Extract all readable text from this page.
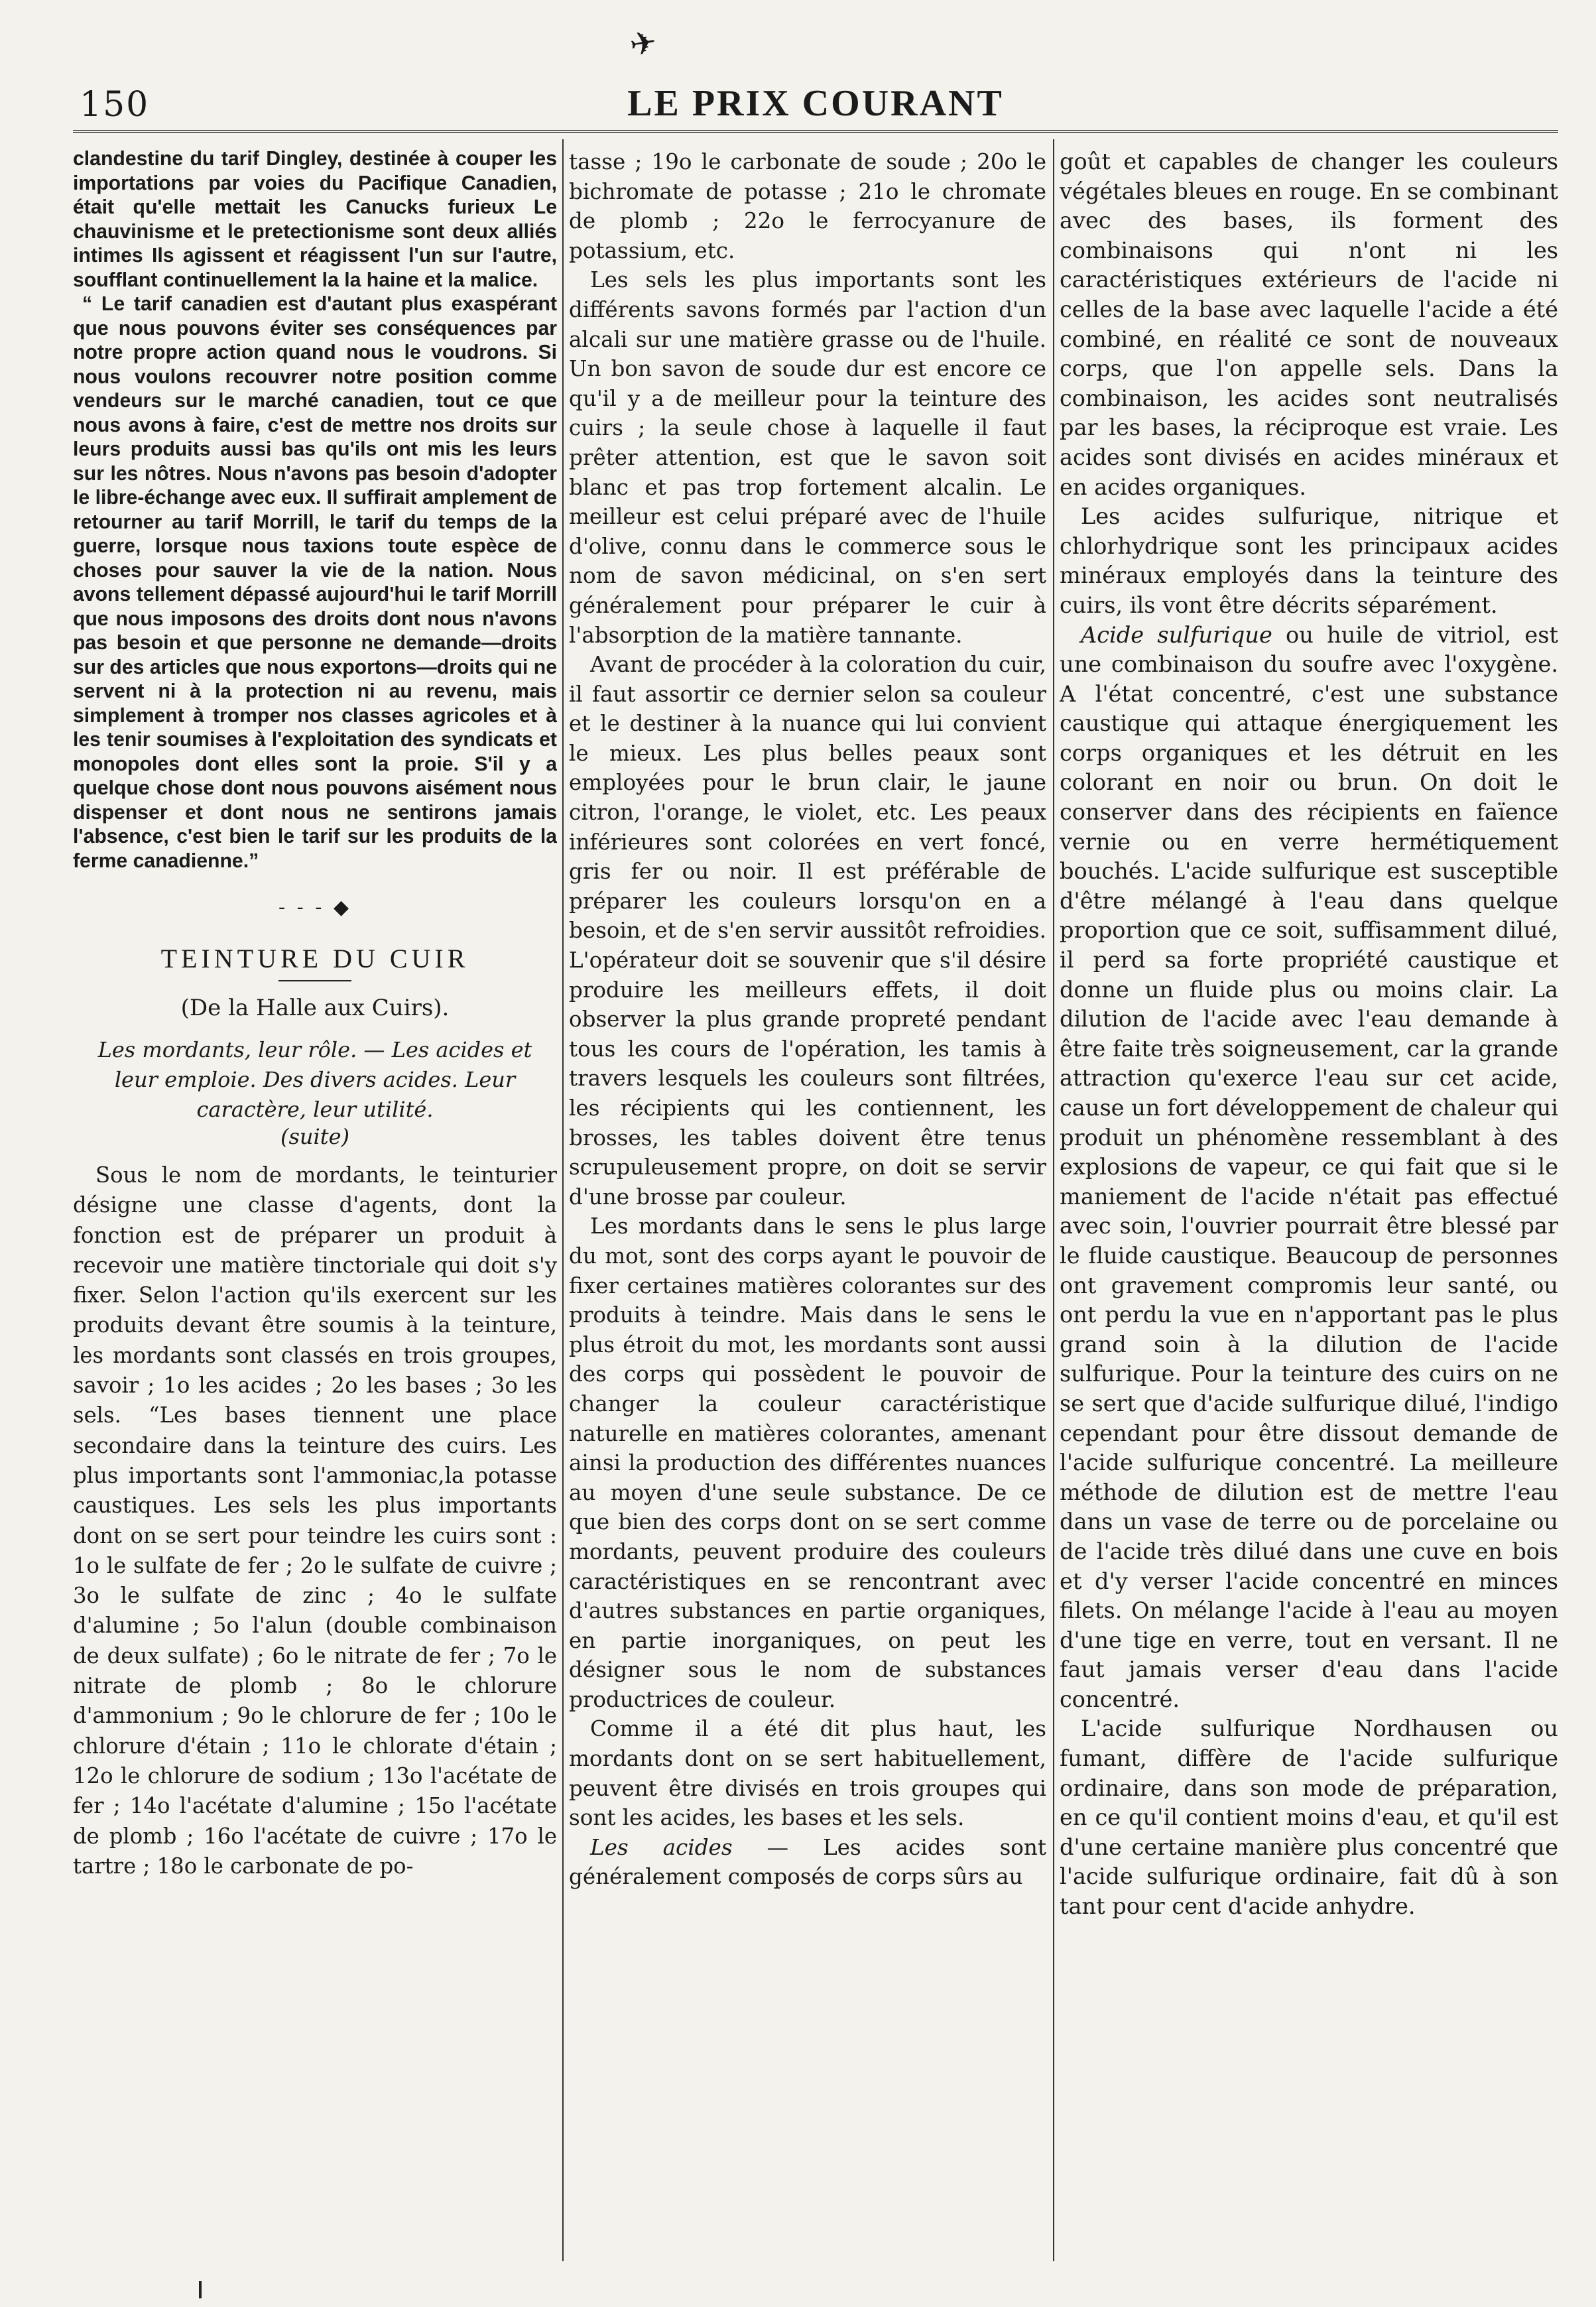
✈
150	LE PRIX COURANT

clandestine du tarif Dingley, destinée à couper les importations par voies du Pacifique Canadien, était qu'elle mettait les Canucks furieux Le chauvinisme et le pretectionisme sont deux alliés intimes Ils agissent et réagissent l'un sur l'autre, soufflant continuellement la la haine et la malice.

“ Le tarif canadien est d'autant plus exaspérant que nous pouvons éviter ses conséquences par notre propre action quand nous le voudrons. Si nous voulons recouvrer notre position comme vendeurs sur le marché canadien, tout ce que nous avons à faire, c'est de mettre nos droits sur leurs produits aussi bas qu'ils ont mis les leurs sur les nôtres. Nous n'avons pas besoin d'adopter le libre-échange avec eux. Il suffirait amplement de retourner au tarif Morrill, le tarif du temps de la guerre, lorsque nous taxions toute espèce de choses pour sauver la vie de la nation. Nous avons tellement dépassé aujourd'hui le tarif Morrill que nous imposons des droits dont nous n'avons pas besoin et que personne ne demande—droits sur des articles que nous exportons—droits qui ne servent ni à la protection ni au revenu, mais simplement à tromper nos classes agricoles et à les tenir soumises à l'exploitation des syndicats et monopoles dont elles sont la proie. S'il y a quelque chose dont nous pouvons aisément nous dispenser et dont nous ne sentirons jamais l'absence, c'est bien le tarif sur les produits de la ferme canadienne.”

- - - ◆
TEINTURE DU CUIR
(De la Halle aux Cuirs).

Les mordants, leur rôle. — Les acides et leur emploie. Des divers acides. Leur caractère, leur utilité.

(suite)

Sous le nom de mordants, le teinturier désigne une classe d'agents, dont la fonction est de préparer un produit à recevoir une matière tinctoriale qui doit s'y fixer. Selon l'action qu'ils exercent sur les produits devant être soumis à la teinture, les mordants sont classés en trois groupes, savoir ; 1o les acides ; 2o les bases ; 3o les sels. “Les bases tiennent une place secondaire dans la teinture des cuirs. Les plus importants sont l'ammoniac,la potasse caustiques. Les sels les plus importants dont on se sert pour teindre les cuirs sont : 1o le sulfate de fer ; 2o le sulfate de cuivre ; 3o le sulfate de zinc ; 4o le sulfate d'alumine ; 5o l'alun (double combinaison de deux sulfate) ; 6o le nitrate de fer ; 7o le nitrate de plomb ; 8o le chlorure d'ammonium ; 9o le chlorure de fer ; 10o le chlorure d'étain ; 11o le chlorate d'étain ; 12o le chlorure de sodium ; 13o l'acétate de fer ; 14o l'acétate d'alumine ; 15o l'acétate de plomb ; 16o l'acétate de cuivre ; 17o le tartre ; 18o le carbonate de po-

tasse ; 19o le carbonate de soude ; 20o le bichromate de potasse ; 21o le chromate de plomb ; 22o le ferrocyanure de potassium, etc.

Les sels les plus importants sont les différents savons formés par l'action d'un alcali sur une matière grasse ou de l'huile. Un bon savon de soude dur est encore ce qu'il y a de meilleur pour la teinture des cuirs ; la seule chose à laquelle il faut prêter attention, est que le savon soit blanc et pas trop fortement alcalin. Le meilleur est celui préparé avec de l'huile d'olive, connu dans le commerce sous le nom de savon médicinal, on s'en sert généralement pour préparer le cuir à l'absorption de la matière tannante.

Avant de procéder à la coloration du cuir, il faut assortir ce dernier selon sa couleur et le destiner à la nuance qui lui convient le mieux. Les plus belles peaux sont employées pour le brun clair, le jaune citron, l'orange, le violet, etc. Les peaux inférieures sont colorées en vert foncé, gris fer ou noir. Il est préférable de préparer les couleurs lorsqu'on en a besoin, et de s'en servir aussitôt refroidies. L'opérateur doit se souvenir que s'il désire produire les meilleurs effets, il doit observer la plus grande propreté pendant tous les cours de l'opération, les tamis à travers lesquels les couleurs sont filtrées, les récipients qui les contiennent, les brosses, les tables doivent être tenus scrupuleusement propre, on doit se servir d'une brosse par couleur.

Les mordants dans le sens le plus large du mot, sont des corps ayant le pouvoir de fixer certaines matières colorantes sur des produits à teindre. Mais dans le sens le plus étroit du mot, les mordants sont aussi des corps qui possèdent le pouvoir de changer la couleur caractéristique naturelle en matières colorantes, amenant ainsi la production des différentes nuances au moyen d'une seule substance. De ce que bien des corps dont on se sert comme mordants, peuvent produire des couleurs caractéristiques en se rencontrant avec d'autres substances en partie organiques, en partie inorganiques, on peut les désigner sous le nom de substances productrices de couleur.

Comme il a été dit plus haut, les mordants dont on se sert habituellement, peuvent être divisés en trois groupes qui sont les acides, les bases et les sels.

Les acides — Les acides sont généralement composés de corps sûrs au

goût et capables de changer les couleurs végétales bleues en rouge. En se combinant avec des bases, ils forment des combinaisons qui n'ont ni les caractéristiques extérieurs de l'acide ni celles de la base avec laquelle l'acide a été combiné, en réalité ce sont de nouveaux corps, que l'on appelle sels. Dans la combinaison, les acides sont neutralisés par les bases, la réciproque est vraie. Les acides sont divisés en acides minéraux et en acides organiques.

Les acides sulfurique, nitrique et chlorhydrique sont les principaux acides minéraux employés dans la teinture des cuirs, ils vont être décrits séparément.

Acide sulfurique ou huile de vitriol, est une combinaison du soufre avec l'oxygène. A l'état concentré, c'est une substance caustique qui attaque énergiquement les corps organiques et les détruit en les colorant en noir ou brun. On doit le conserver dans des récipients en faïence vernie ou en verre hermétiquement bouchés. L'acide sulfurique est susceptible d'être mélangé à l'eau dans quelque proportion que ce soit, suffisamment dilué, il perd sa forte propriété caustique et donne un fluide plus ou moins clair. La dilution de l'acide avec l'eau demande à être faite très soigneusement, car la grande attraction qu'exerce l'eau sur cet acide, cause un fort développement de chaleur qui produit un phénomène ressemblant à des explosions de vapeur, ce qui fait que si le maniement de l'acide n'était pas effectué avec soin, l'ouvrier pourrait être blessé par le fluide caustique. Beaucoup de personnes ont gravement compromis leur santé, ou ont perdu la vue en n'apportant pas le plus grand soin à la dilution de l'acide sulfurique. Pour la teinture des cuirs on ne se sert que d'acide sulfurique dilué, l'indigo cependant pour être dissout demande de l'acide sulfurique concentré. La meilleure méthode de dilution est de mettre l'eau dans un vase de terre ou de porcelaine ou de l'acide très dilué dans une cuve en bois et d'y verser l'acide concentré en minces filets. On mélange l'acide à l'eau au moyen d'une tige en verre, tout en versant. Il ne faut jamais verser d'eau dans l'acide concentré.

L'acide sulfurique Nordhausen ou fumant, diffère de l'acide sulfurique ordinaire, dans son mode de préparation, en ce qu'il contient moins d'eau, et qu'il est d'une certaine manière plus concentré que l'acide sulfurique ordinaire, fait dû à son tant pour cent d'acide anhydre.
